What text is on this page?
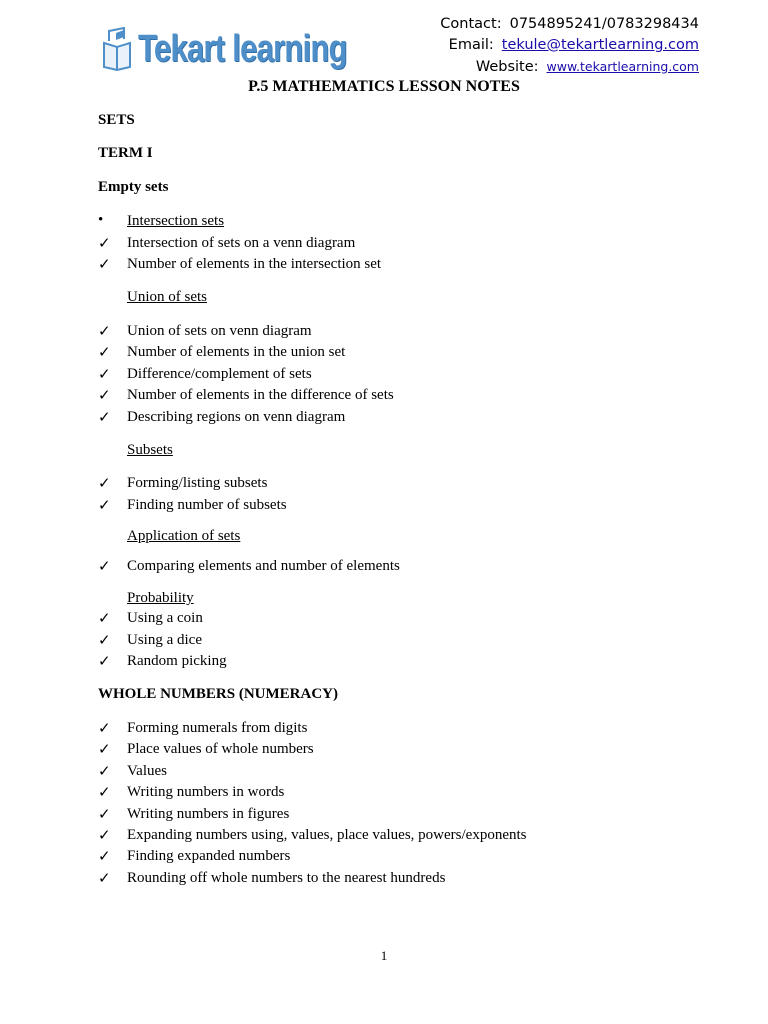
Tekart learning
Contact: 0754895241/0783298434
Email: tekule@tekartlearning.com
Website: www.tekartlearning.com
P.5 MATHEMATICS LESSON NOTES
SETS
TERM I
Empty sets
• Intersection sets
✓ Intersection of sets on a venn diagram
✓ Number of elements in the intersection set
Union of sets
✓ Union of sets on venn diagram
✓ Number of elements in the union set
✓ Difference/complement of sets
✓ Number of elements in the difference of sets
✓ Describing regions on venn diagram
Subsets
✓ Forming/listing subsets
✓ Finding number of subsets
Application of sets
✓ Comparing elements and number of elements
Probability
✓ Using a coin
✓ Using a dice
✓ Random picking
WHOLE NUMBERS (NUMERACY)
✓ Forming numerals from digits
✓ Place values of whole numbers
✓ Values
✓ Writing numbers in words
✓ Writing numbers in figures
✓ Expanding numbers using, values, place values, powers/exponents
✓ Finding expanded numbers
✓ Rounding off whole numbers to the nearest hundreds
1
